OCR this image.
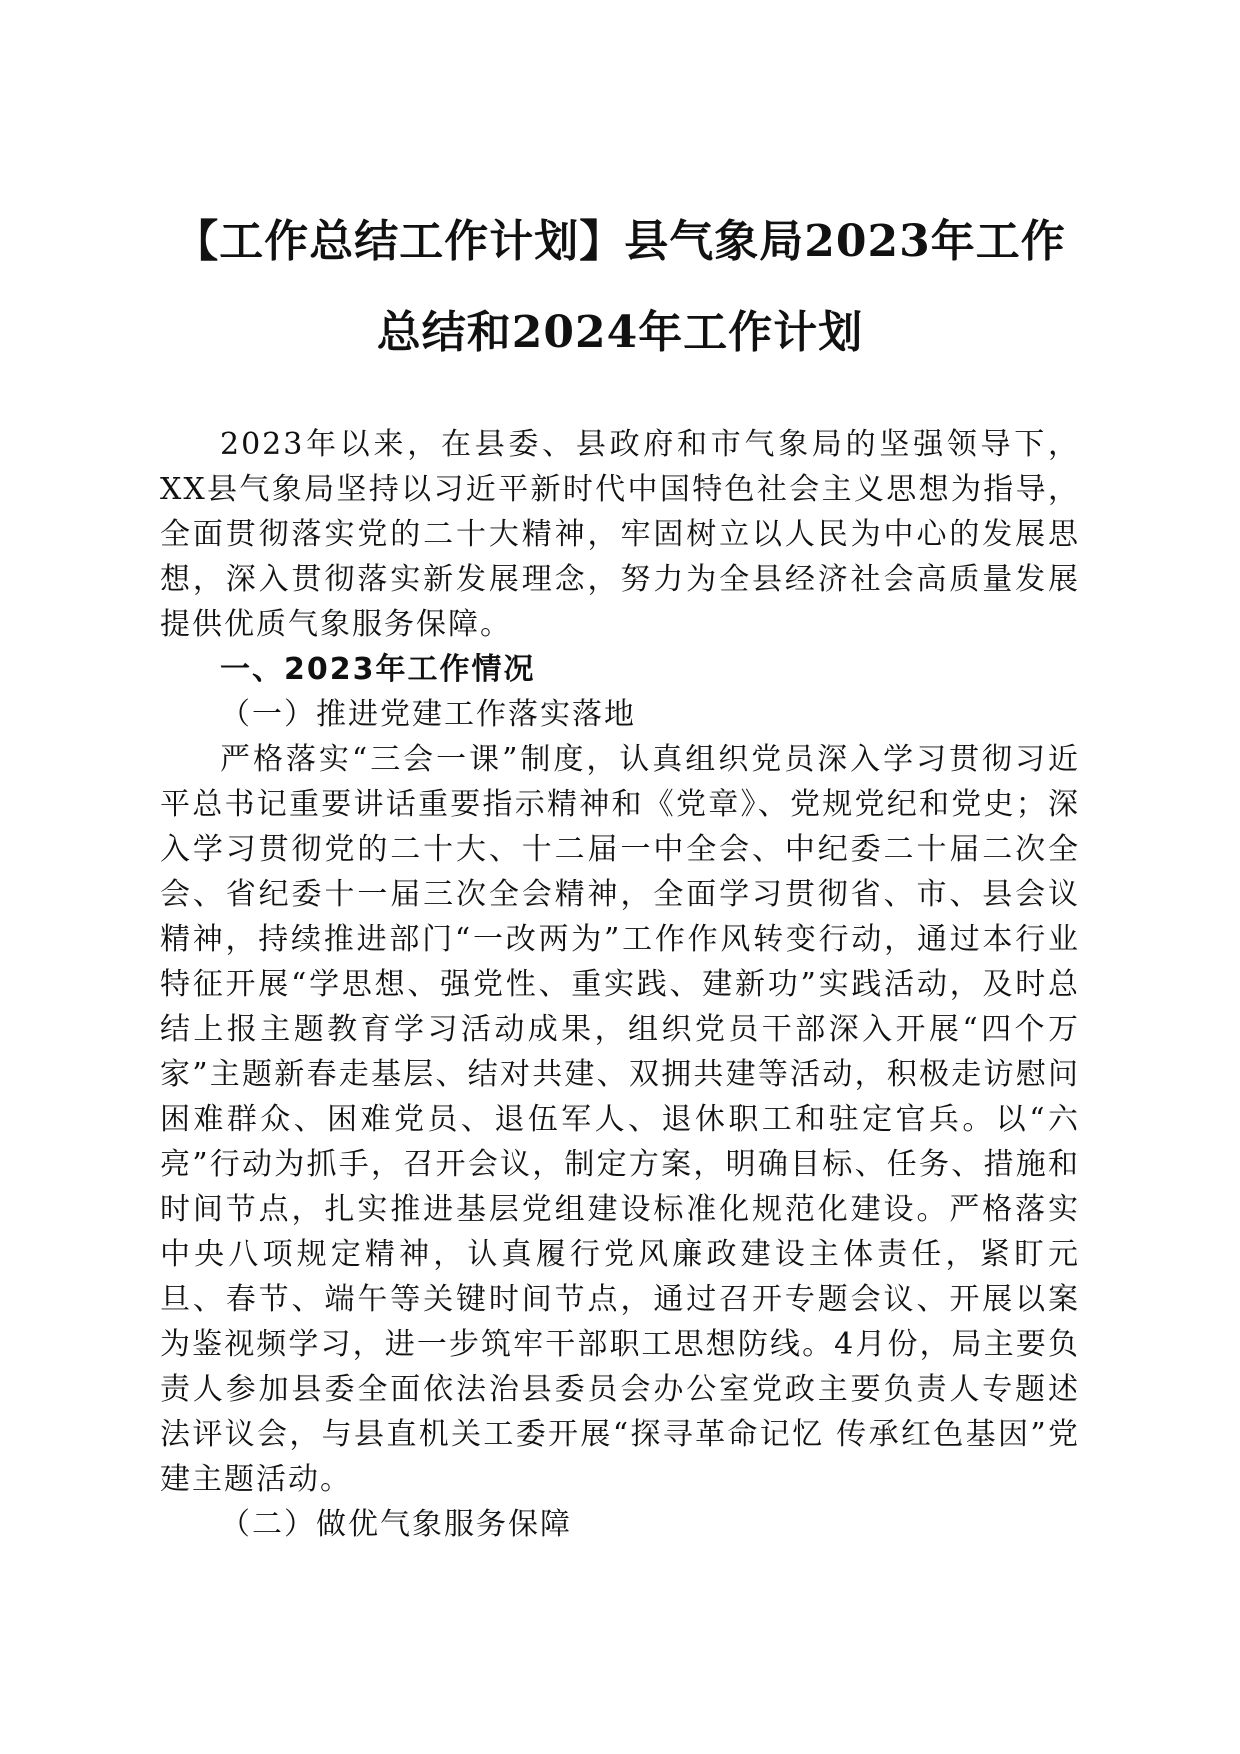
【工作总结工作计划】县气象局2023年工作
总结和2024年工作计划

2023年以来，在县委、县政府和市气象局的坚强领导下，XX县气象局坚持以习近平新时代中国特色社会主义思想为指导，全面贯彻落实党的二十大精神，牢固树立以人民为中心的发展思想，深入贯彻落实新发展理念，努力为全县经济社会高质量发展提供优质气象服务保障。

一、2023年工作情况
（一）推进党建工作落实落地

严格落实“三会一课”制度，认真组织党员深入学习贯彻习近平总书记重要讲话重要指示精神和《党章》、党规党纪和党史；深入学习贯彻党的二十大、十二届一中全会、中纪委二十届二次全会、省纪委十一届三次全会精神，全面学习贯彻省、市、县会议精神，持续推进部门“一改两为”工作作风转变行动，通过本行业特征开展“学思想、强党性、重实践、建新功”实践活动，及时总结上报主题教育学习活动成果，组织党员干部深入开展“四个万家”主题新春走基层、结对共建、双拥共建等活动，积极走访慰问困难群众、困难党员、退伍军人、退休职工和驻定官兵。以“六亮”行动为抓手，召开会议，制定方案，明确目标、任务、措施和时间节点，扎实推进基层党组建设标准化规范化建设。严格落实中央八项规定精神，认真履行党风廉政建设主体责任，紧盯元旦、春节、端午等关键时间节点，通过召开专题会议、开展以案为鉴视频学习，进一步筑牢干部职工思想防线。4月份，局主要负责人参加县委全面依法治县委员会办公室党政主要负责人专题述法评议会，与县直机关工委开展“探寻革命记忆 传承红色基因”党建主题活动。

（二）做优气象服务保障
